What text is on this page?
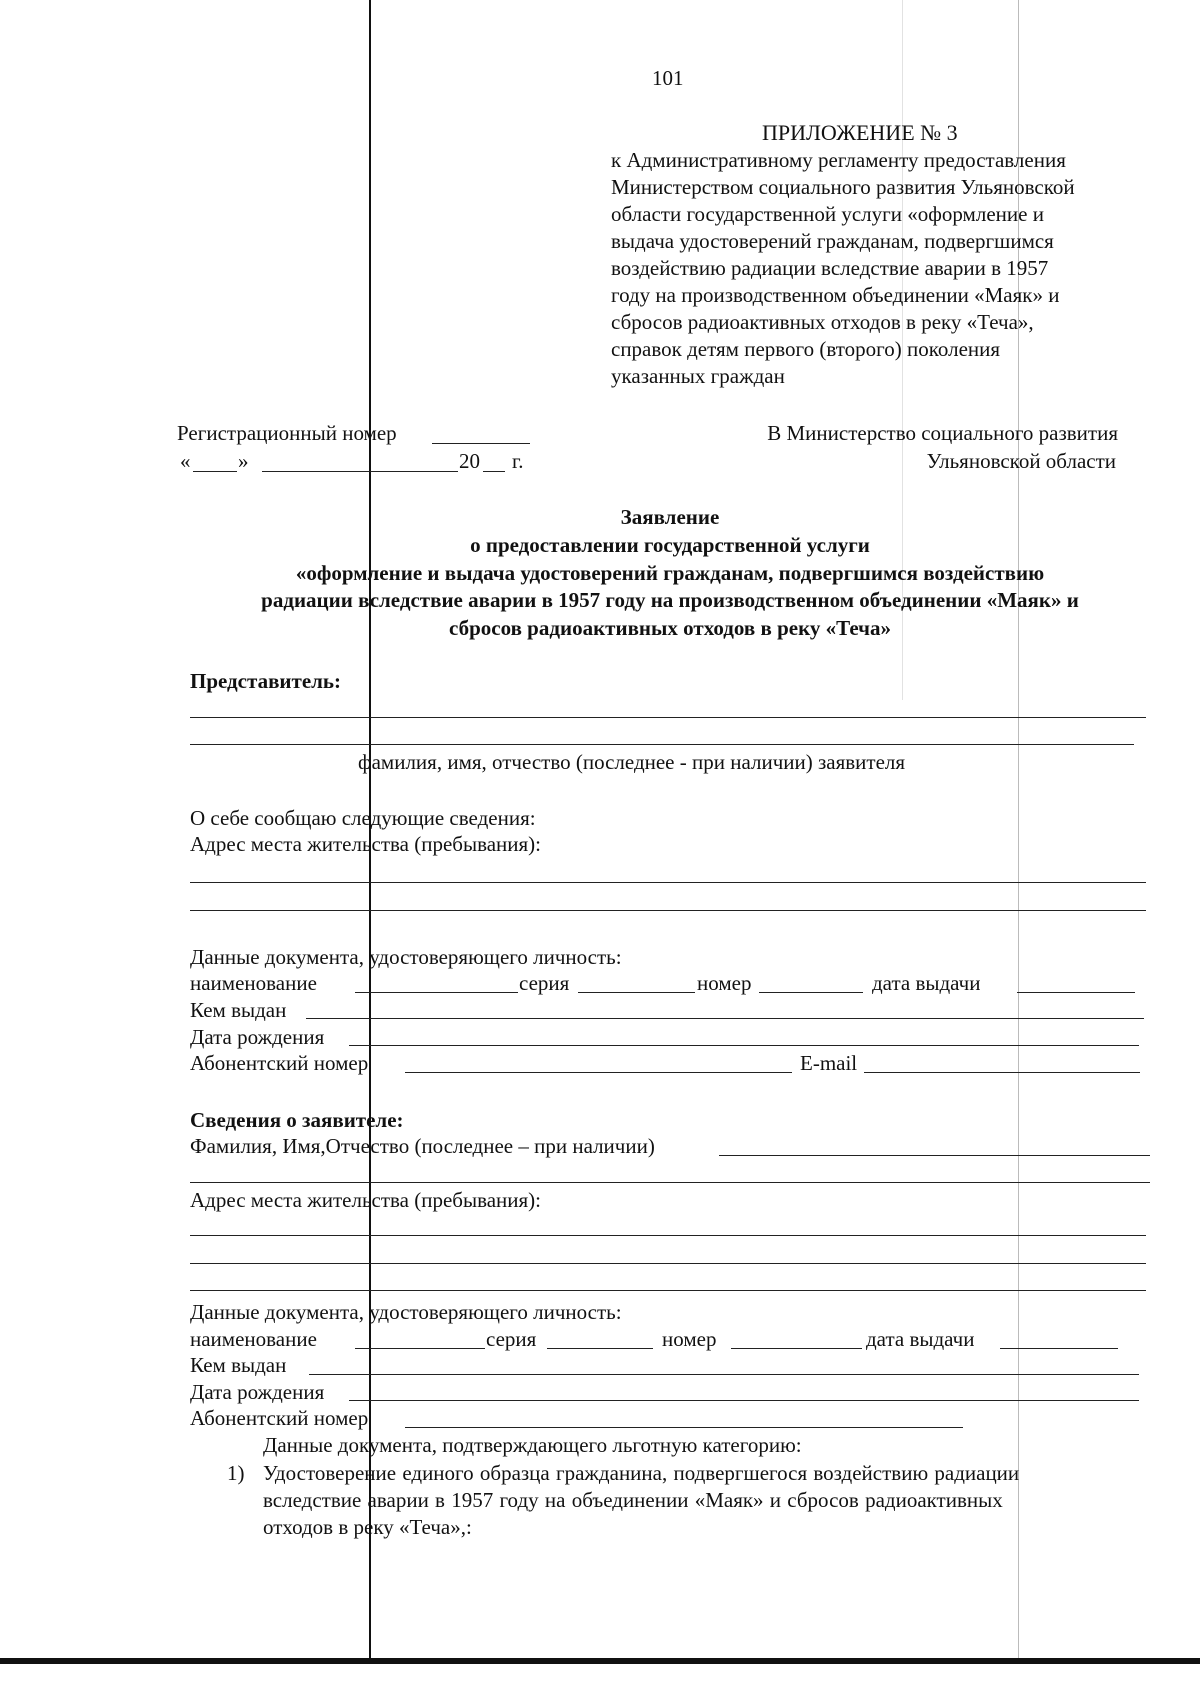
101
ПРИЛОЖЕНИЕ № 3
к Административному регламенту предоставления
Министерством социального развития Ульяновской
области государственной услуги «оформление и
выдача удостоверений гражданам, подвергшимся
воздействию радиации вследствие аварии в 1957
году на производственном объединении «Маяк» и
сбросов радиоактивных отходов в реку «Теча»,
справок детям первого (второго) поколения
указанных граждан
Регистрационный номер
« »	20 г.
В Министерство социального развития
Ульяновской области
Заявление
о предоставлении государственной услуги
«оформление и выдача удостоверений гражданам, подвергшимся воздействию
радиации вследствие аварии в 1957 году на производственном объединении «Маяк» и
сбросов радиоактивных отходов в реку «Теча»
Представитель:
фамилия, имя, отчество (последнее - при наличии) заявителя
О себе сообщаю следующие сведения:
Адрес места жительства (пребывания):
Данные документа, удостоверяющего личность:
наименование	серия	номер	дата выдачи
Кем выдан
Дата рождения
Абонентский номер	E-mail
Сведения о заявителе:
Фамилия, Имя,Отчество (последнее – при наличии)
Адрес места жительства (пребывания):
Данные документа, удостоверяющего личность:
наименование	серия	номер	дата выдачи
Кем выдан
Дата рождения
Абонентский номер
Данные документа, подтверждающего льготную категорию:
1) Удостоверение единого образца гражданина, подвергшегося воздействию радиации
вследствие аварии в 1957 году на объединении «Маяк» и сбросов радиоактивных
отходов в реку «Теча»,:
